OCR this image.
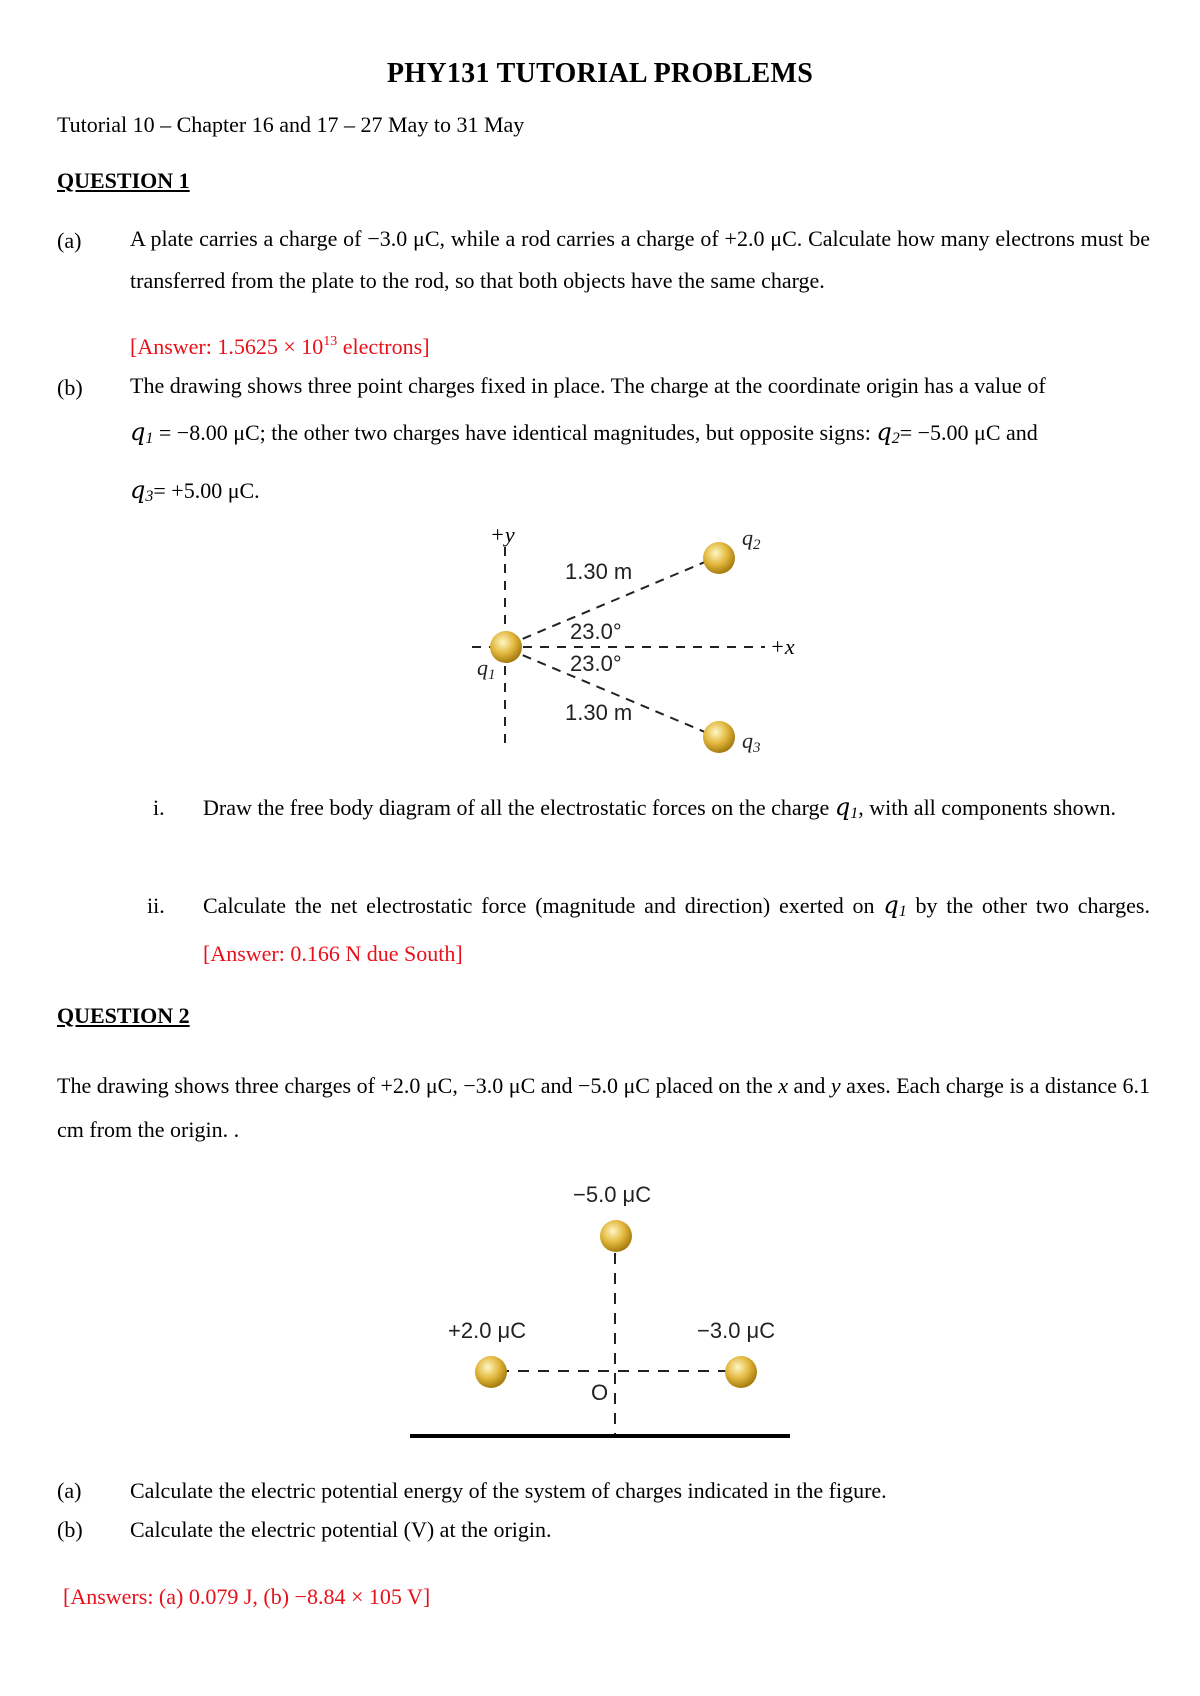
PHY131 TUTORIAL PROBLEMS
Tutorial 10 – Chapter 16 and 17 – 27 May to 31 May
QUESTION 1
(a) A plate carries a charge of −3.0 μC, while a rod carries a charge of +2.0 μC. Calculate how many electrons must be transferred from the plate to the rod, so that both objects have the same charge.
[Answer: $1.5625 \times 10^{13}$ electrons]
(b) The drawing shows three point charges fixed in place. The charge at the coordinate origin has a value of
q1 = −8.00 μC; the other two charges have identical magnitudes, but opposite signs: q2= −5.00 μC and
q3= +5.00 μC.
+y
+x
1.30 m
23.0°
23.0°
1.30 m
q1
q2
q3
i. Draw the free body diagram of all the electrostatic forces on the charge q1, with all components shown.
ii. Calculate the net electrostatic force (magnitude and direction) exerted on q1 by the other two charges. [Answer: 0.166 N due South]
QUESTION 2
The drawing shows three charges of +2.0 μC, −3.0 μC and −5.0 μC placed on the x and y axes. Each charge is a distance 6.1 cm from the origin. .
−5.0 μC
+2.0 μC	−3.0 μC
O
(a) Calculate the electric potential energy of the system of charges indicated in the figure.
(b) Calculate the electric potential (V) at the origin.
[Answers: (a) 0.079 J, (b) −8.84 × 105 V]
